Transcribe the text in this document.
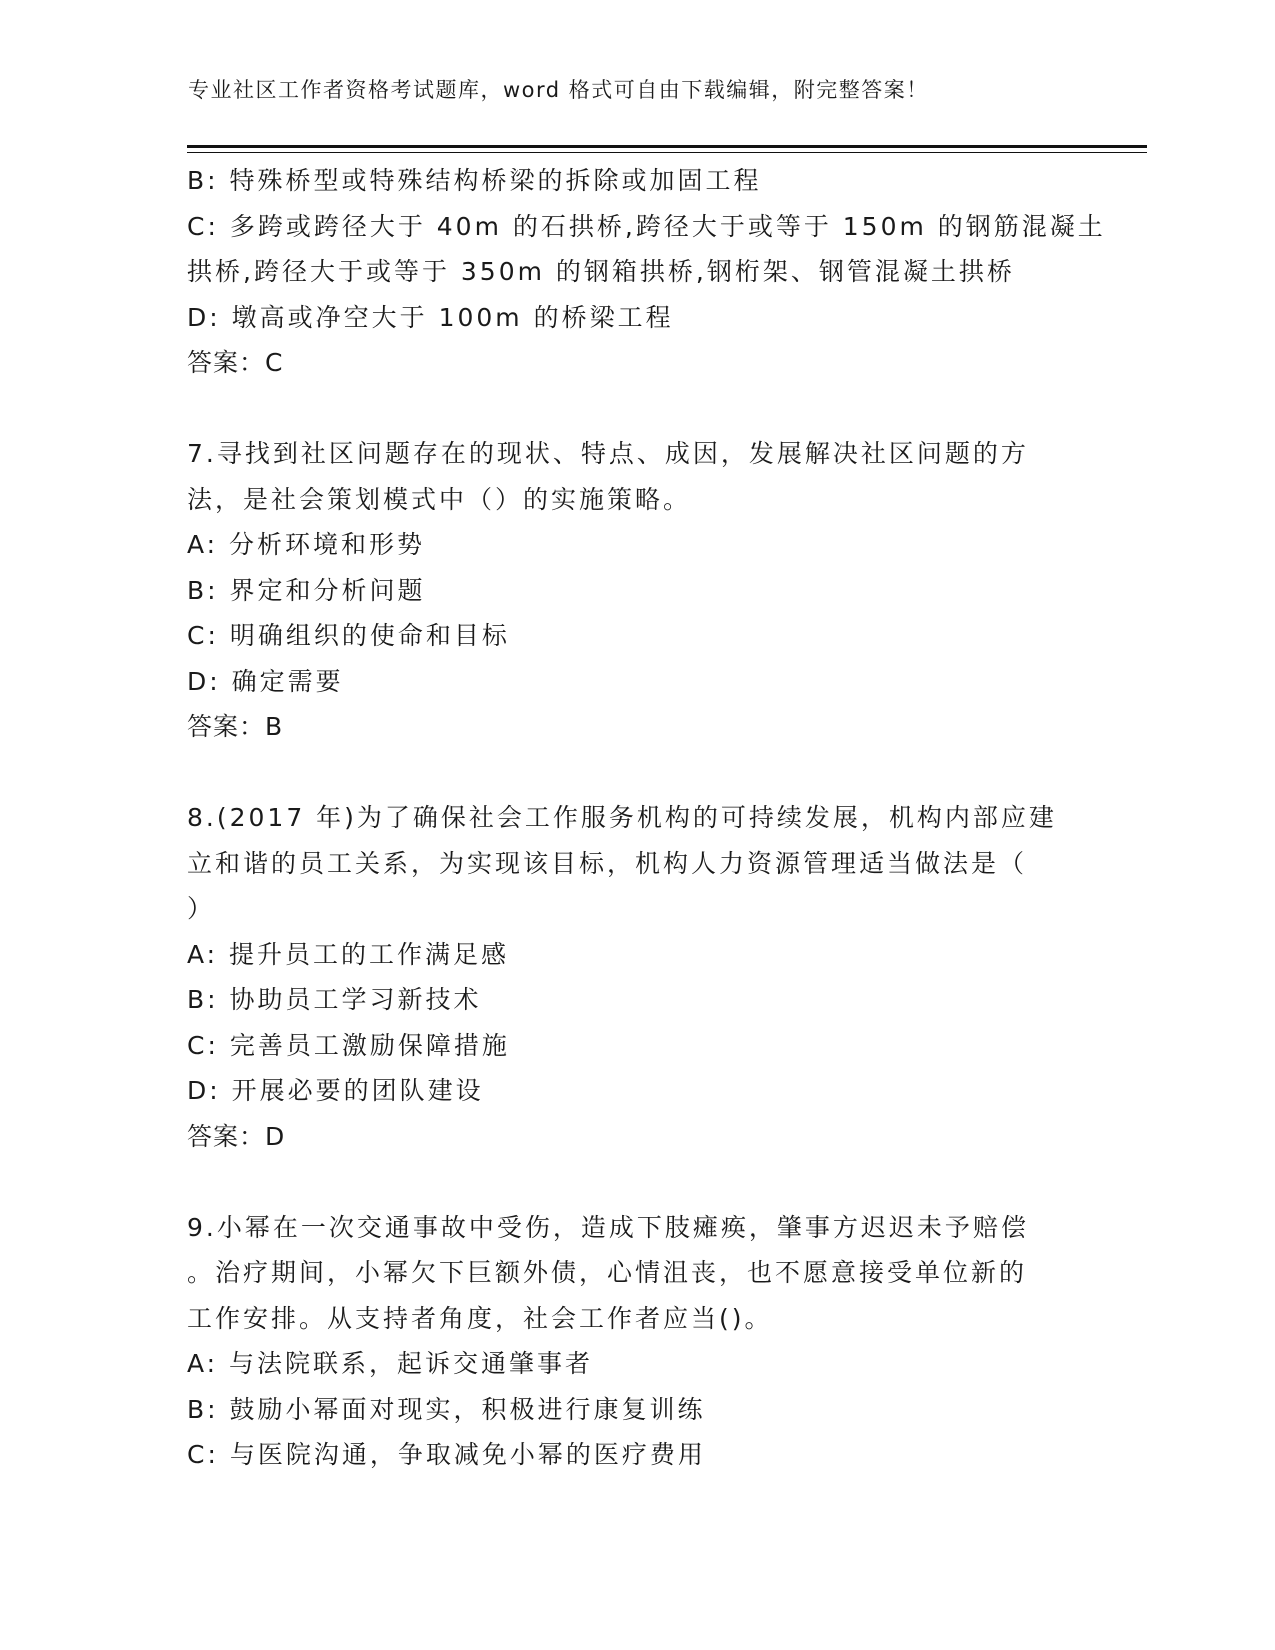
专业社区工作者资格考试题库，word 格式可自由下载编辑，附完整答案！
B: 特殊桥型或特殊结构桥梁的拆除或加固工程
C: 多跨或跨径大于 40m 的石拱桥,跨径大于或等于 150m 的钢筋混凝土
拱桥,跨径大于或等于 350m 的钢箱拱桥,钢桁架、钢管混凝土拱桥
D: 墩高或净空大于 100m 的桥梁工程
答案：C
7.寻找到社区问题存在的现状、特点、成因，发展解决社区问题的方
法，是社会策划模式中（）的实施策略。
A: 分析环境和形势
B: 界定和分析问题
C: 明确组织的使命和目标
D: 确定需要
答案：B
8.(2017 年)为了确保社会工作服务机构的可持续发展，机构内部应建
立和谐的员工关系，为实现该目标，机构人力资源管理适当做法是（
）
A: 提升员工的工作满足感
B: 协助员工学习新技术
C: 完善员工激励保障措施
D: 开展必要的团队建设
答案：D
9.小幂在一次交通事故中受伤，造成下肢瘫痪，肇事方迟迟未予赔偿
。治疗期间，小幂欠下巨额外债，心情沮丧，也不愿意接受单位新的
工作安排。从支持者角度，社会工作者应当()。
A: 与法院联系，起诉交通肇事者
B: 鼓励小幂面对现实，积极进行康复训练
C: 与医院沟通，争取减免小幂的医疗费用
